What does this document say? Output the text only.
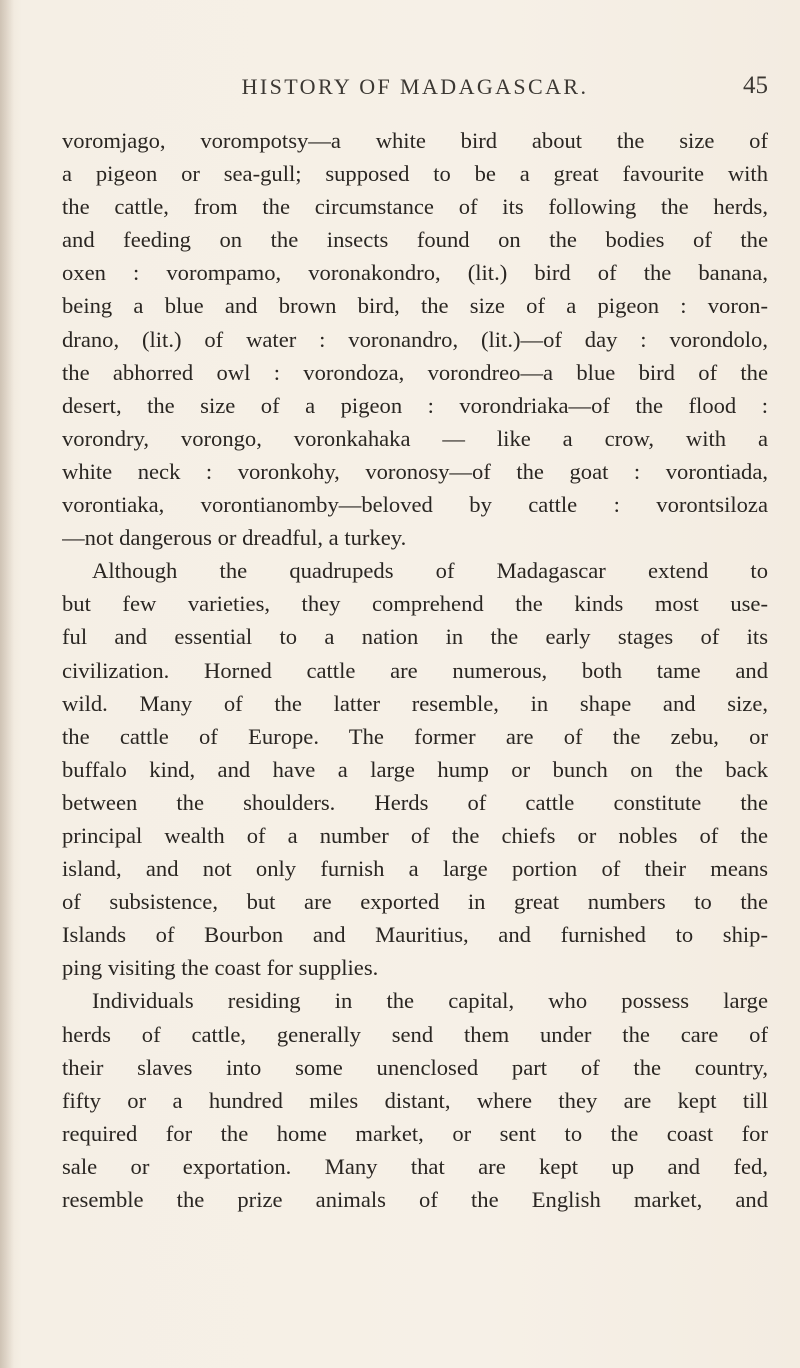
HISTORY OF MADAGASCAR.	45
voromjago, vorompotsy—a white bird about the size of
a pigeon or sea-gull; supposed to be a great favourite with
the cattle, from the circumstance of its following the herds,
and feeding on the insects found on the bodies of the
oxen : vorompamo, voronakondro, (lit.) bird of the banana,
being a blue and brown bird, the size of a pigeon : voron-
drano, (lit.) of water : voronandro, (lit.)—of day : vorondolo,
the abhorred owl : vorondoza, vorondreo—a blue bird of the
desert, the size of a pigeon : vorondriaka—of the flood :
vorondry, vorongo, voronkahaka — like a crow, with a
white neck : voronkohy, voronosy—of the goat : vorontiada,
vorontiaka, vorontianomby—beloved by cattle : vorontsiloza
—not dangerous or dreadful, a turkey.
Although the quadrupeds of Madagascar extend to
but few varieties, they comprehend the kinds most use-
ful and essential to a nation in the early stages of its
civilization. Horned cattle are numerous, both tame and
wild. Many of the latter resemble, in shape and size,
the cattle of Europe. The former are of the zebu, or
buffalo kind, and have a large hump or bunch on the back
between the shoulders. Herds of cattle constitute the
principal wealth of a number of the chiefs or nobles of the
island, and not only furnish a large portion of their means
of subsistence, but are exported in great numbers to the
Islands of Bourbon and Mauritius, and furnished to ship-
ping visiting the coast for supplies.
Individuals residing in the capital, who possess large
herds of cattle, generally send them under the care of
their slaves into some unenclosed part of the country,
fifty or a hundred miles distant, where they are kept till
required for the home market, or sent to the coast for
sale or exportation. Many that are kept up and fed,
resemble the prize animals of the English market, and
